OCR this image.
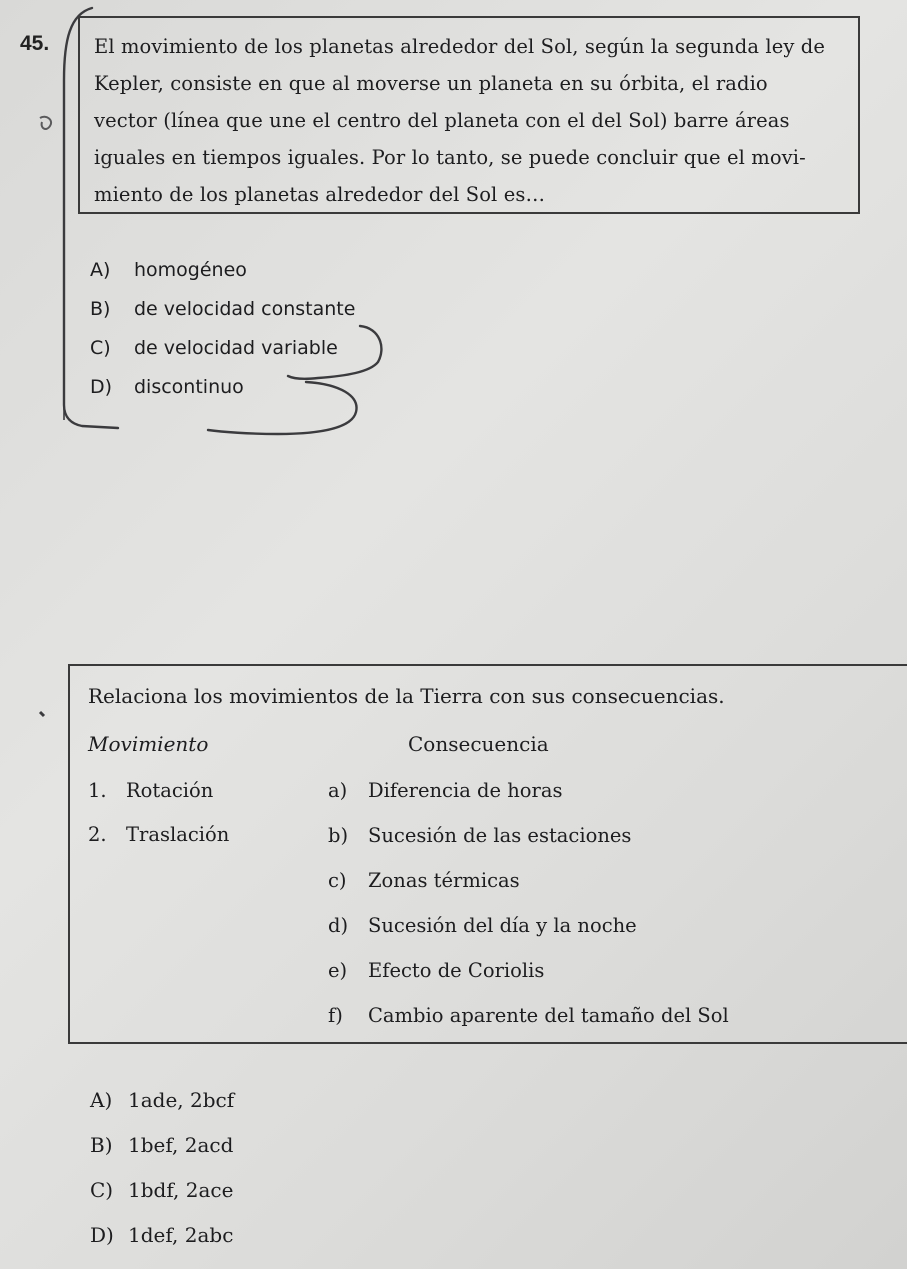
45. El movimiento de los planetas alrededor del Sol, según la segunda ley de

Kepler, consiste en que al moverse un planeta en su órbita, el radio

vector (línea que une el centro del planeta con el del Sol) barre áreas

iguales en tiempos iguales. Por lo tanto, se puede concluir que el movi-

miento de los planetas alrededor del Sol es…

A) homogéneo
B) de velocidad constante
C) de velocidad variable
D) discontinuo
Relaciona los movimientos de la Tierra con sus consecuencias.
Movimiento	Consecuencia
1. Rotación
2. Traslación
a) Diferencia de horas
b) Sucesión de las estaciones
c) Zonas térmicas
d) Sucesión del día y la noche
e) Efecto de Coriolis
f) Cambio aparente del tamaño del Sol
A) 1ade, 2bcf
B) 1bef, 2acd
C) 1bdf, 2ace
D) 1def, 2abc
